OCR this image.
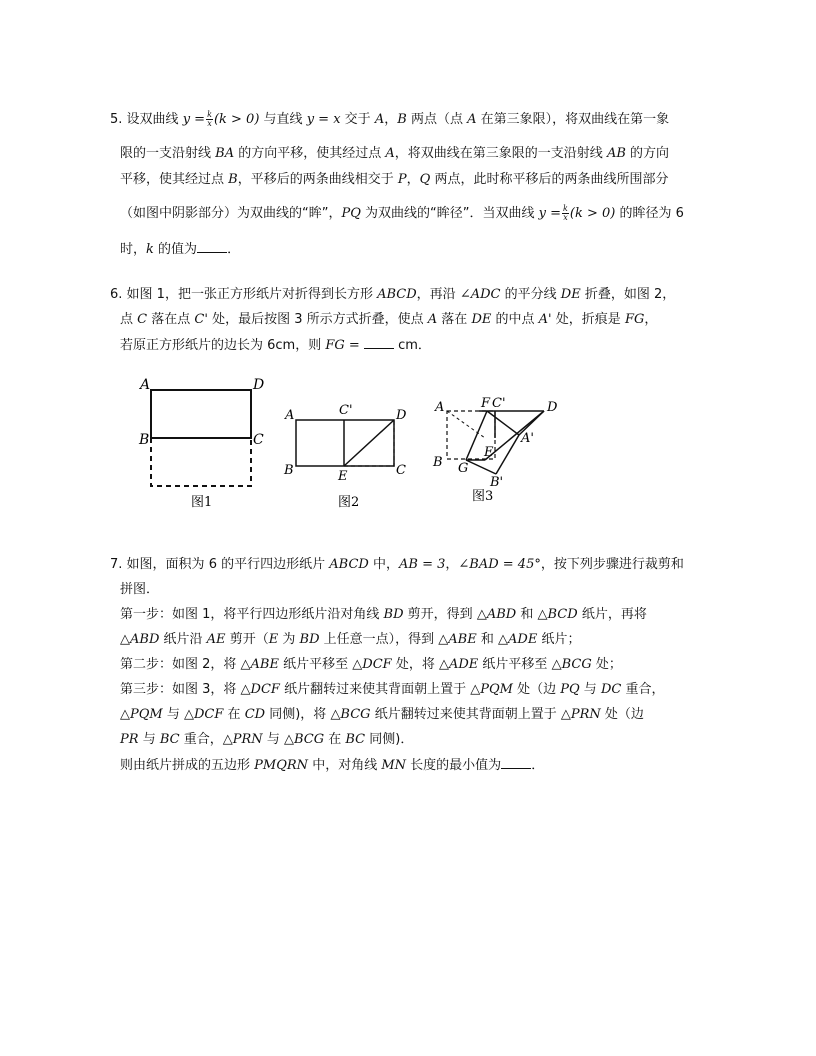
5. 设双曲线 $y = \frac{k}{x} (k > 0)$ 与直线 y = x 交于 A，B 两点（点 A 在第三象限），将双曲线在第一象
限的一支沿射线 BA 的方向平移，使其经过点 A，将双曲线在第三象限的一支沿射线 AB 的方向
平移，使其经过点 B，平移后的两条曲线相交于 P，Q 两点，此时称平移后的两条曲线所围部分
（如图中阴影部分）为双曲线的“眸”，PQ 为双曲线的“眸径”．当双曲线 $y = \frac{k}{x} (k > 0)$ 的眸径为 6
时，k 的值为 ．
6. 如图 1，把一张正方形纸片对折得到长方形 ABCD，再沿 ∠ADC 的平分线 DE 折叠，如图 2，
点 C 落在点 C' 处，最后按图 3 所示方式折叠，使点 A 落在 DE 的中点 A' 处，折痕是 FG，
若原正方形纸片的边长为 6cm，则 FG =	cm．
A	D
B	C
图1
A	C'	D
B	E	C
图2
A	F C'	D
A'
B
E
G
B'
图3
7. 如图，面积为 6 的平行四边形纸片 ABCD 中，AB = 3，∠BAD = 45°，按下列步骤进行裁剪和
拼图．
第一步：如图 1，将平行四边形纸片沿对角线 BD 剪开，得到 △ABD 和 △BCD 纸片，再将
△ABD 纸片沿 AE 剪开（E 为 BD 上任意一点），得到 △ABE 和 △ADE 纸片；
第二步：如图 2，将 △ABE 纸片平移至 △DCF 处，将 △ADE 纸片平移至 △BCG 处；
第三步：如图 3，将 △DCF 纸片翻转过来使其背面朝上置于 △PQM 处（边 PQ 与 DC 重合，
△PQM 与 △DCF 在 CD 同侧)，将 △BCG 纸片翻转过来使其背面朝上置于 △PRN 处（边
PR 与 BC 重合，△PRN 与 △BCG 在 BC 同侧)．
则由纸片拼成的五边形 PMQRN 中，对角线 MN 长度的最小值为 ．
